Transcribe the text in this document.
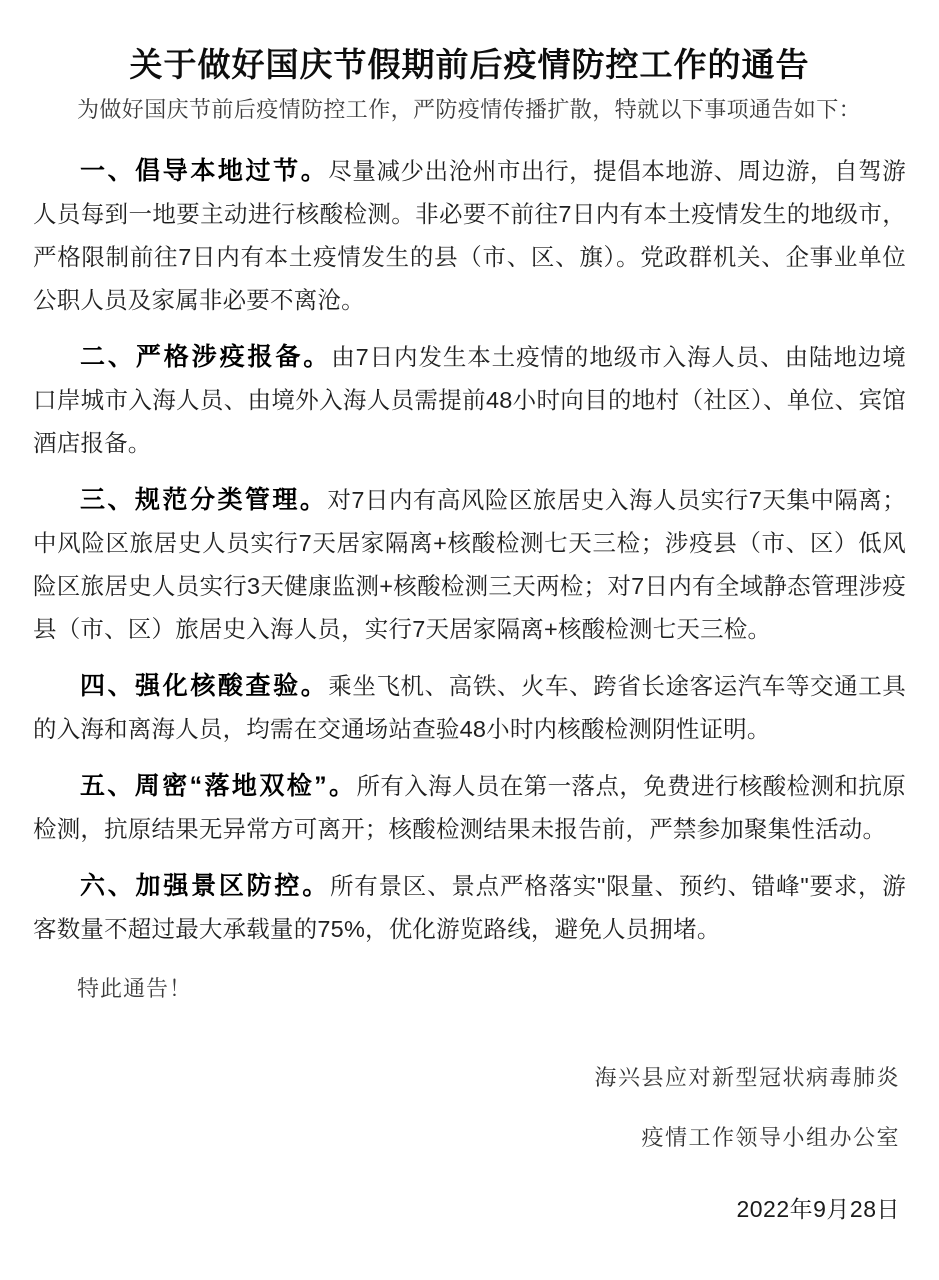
关于做好国庆节假期前后疫情防控工作的通告

为做好国庆节前后疫情防控工作，严防疫情传播扩散，特就以下事项通告如下：

一、倡导本地过节。尽量减少出沧州市出行，提倡本地游、周边游，自驾游人员每到一地要主动进行核酸检测。非必要不前往7日内有本土疫情发生的地级市，严格限制前往7日内有本土疫情发生的县（市、区、旗）。党政群机关、企事业单位公职人员及家属非必要不离沧。

二、严格涉疫报备。由7日内发生本土疫情的地级市入海人员、由陆地边境口岸城市入海人员、由境外入海人员需提前48小时向目的地村（社区）、单位、宾馆酒店报备。

三、规范分类管理。对7日内有高风险区旅居史入海人员实行7天集中隔离；中风险区旅居史人员实行7天居家隔离+核酸检测七天三检；涉疫县（市、区）低风险区旅居史人员实行3天健康监测+核酸检测三天两检；对7日内有全域静态管理涉疫县（市、区）旅居史入海人员，实行7天居家隔离+核酸检测七天三检。

四、强化核酸查验。乘坐飞机、高铁、火车、跨省长途客运汽车等交通工具的入海和离海人员，均需在交通场站查验48小时内核酸检测阴性证明。

五、周密“落地双检”。所有入海人员在第一落点，免费进行核酸检测和抗原检测，抗原结果无异常方可离开；核酸检测结果未报告前，严禁参加聚集性活动。

六、加强景区防控。所有景区、景点严格落实"限量、预约、错峰"要求，游客数量不超过最大承载量的75%，优化游览路线，避免人员拥堵。

特此通告！

海兴县应对新型冠状病毒肺炎
疫情工作领导小组办公室
2022年9月28日
